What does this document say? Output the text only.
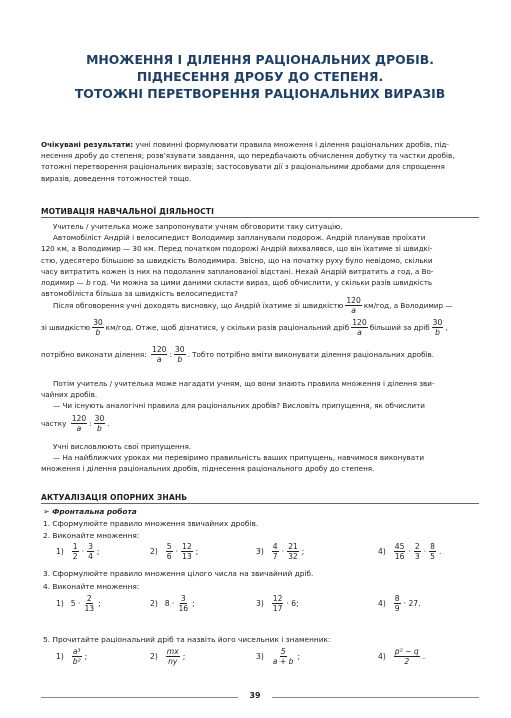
МНОЖЕННЯ І ДІЛЕННЯ РАЦІОНАЛЬНИХ ДРОБІВ.
ПІДНЕСЕННЯ ДРОБУ ДО СТЕПЕНЯ.
ТОТОЖНІ ПЕРЕТВОРЕННЯ РАЦІОНАЛЬНИХ ВИРАЗІВ
Очікувані результати: учні повинні формулювати правила множення і ділення раціональних дробів, під-
несення дробу до степеня; розв’язувати завдання, що передбачають обчислення добутку та частки дробів,
тотожні перетворення раціональних виразів; застосовувати дії з раціональними дробами для спрощення
виразів, доведення тотожностей тощо.
МОТИВАЦІЯ НАВЧАЛЬНОЇ ДІЯЛЬНОСТІ
Учитель / учителька може запропонувати учням обговорити таку ситуацію.
Автомобіліст Андрій і велосипедист Володимир запланували подорож. Андрій планував проїхати
120 км, а Володимир — 30 км. Перед початком подорожі Андрій вихвалявся, що він їхатиме зі швидкі-
стю, удесятеро більшою за швидкість Володимира. Звісно, що на початку руху було невідомо, скільки
часу витратить кожен із них на подолання запланованої відстані. Нехай Андрій витратить a год, а Во-
лодимир — b год. Чи можна за цими даними скласти вираз, щоб обчислити, у скільки разів швидкість
автомобіліста більша за швидкість велосипедиста?
Після обговорення учні доходять висновку, що Андрій їхатиме зі швидкістю $\frac{120}{a} км/год$, а Володимир —
зі швидкістю $\frac{30}{b} км/год$. Отже, щоб дізнатися, у скільки разів раціональний дріб $\frac{120}{a}$ більший за дріб $\frac{30}{b}$ ,
потрібно виконати ділення:
$\frac{120}{a}$ : $\frac{30}{b}$ . Тобто потрібно вміти виконувати ділення раціональних дробів.
Потім учитель / учителька може нагадати учням, що вони знають правила множення і ділення зви-
чайних дробів.
— Чи існують аналогічні правила для раціональних дробів? Висловіть припущення, як обчислити
частку
$\frac{120}{a}$ : $\frac{30}{b}$ .
Учні висловлюють свої припущення.
— На найближчих уроках ми перевіримо правильність ваших припущень, навчимося виконувати
множення і ділення раціональних дробів, піднесення раціонального дробу до степеня.
АКТУАЛІЗАЦІЯ ОПОРНИХ ЗНАНЬ
➢ Фронтальна робота
1. Сформулюйте правило множення звичайних дробів.
2. Виконайте множення:
$1) \frac{1}{2} \cdot \frac{3}{4}$ ;	$2) \frac{5}{6} \cdot \frac{12}{13}$ ;	$3) \frac{4}{7} \cdot \frac{21}{32}$ ;	$4) \frac{45}{16} \cdot \frac{2}{3} \cdot \frac{8}{5}$ .
3. Сформулюйте правило множення цілого числа на звичайний дріб.
4. Виконайте множення:
1) $5 \cdot \frac{2}{13}$ ;	2) $8 \cdot \frac{3}{16}$ ;	$3) \frac{12}{17} \cdot 6$;	$4) \frac{8}{9} \cdot 27$.
5. Прочитайте раціональний дріб та назвіть його чисельник і знаменник:
$1) \frac{\text{a³}}{\text{b²}}$ ;	$2) \frac{mx}{ny}$ ;	$3) \frac{5}{a + b}$ ;	$4) \frac{\text{p² − q}}{2}$ .
39
